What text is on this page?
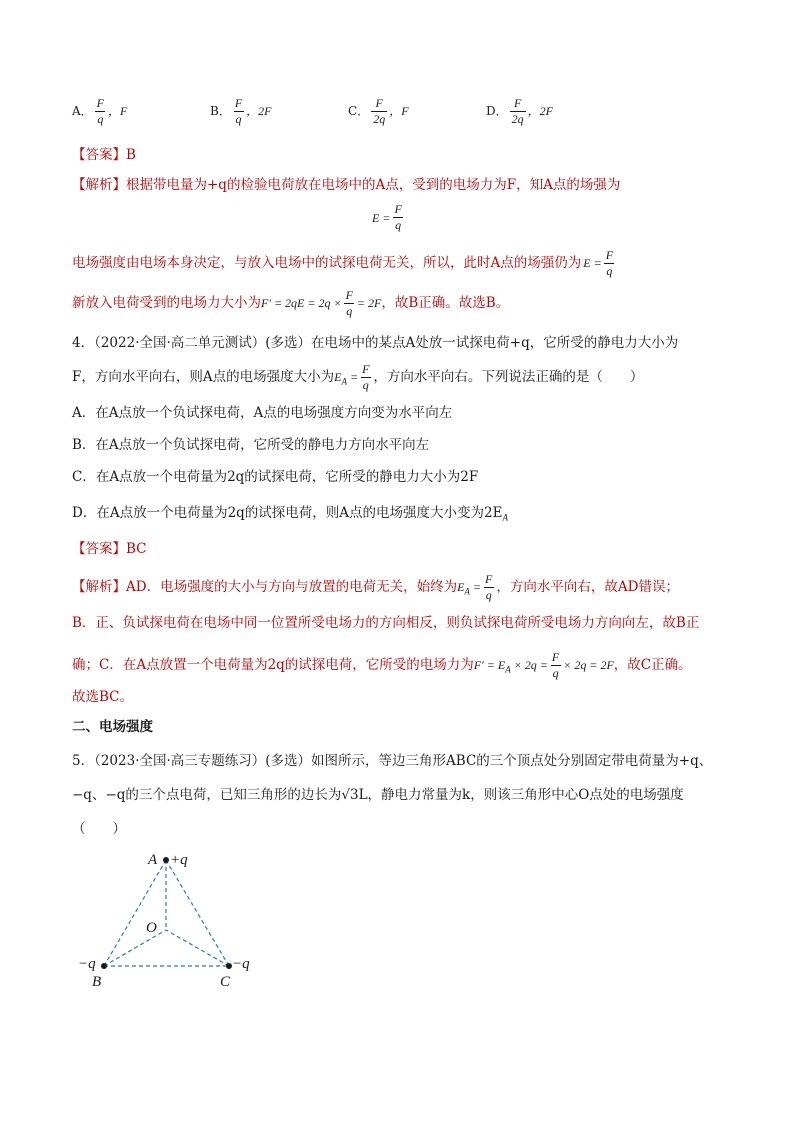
A． $\frac{F}{q}$ ，F	B． $\frac{F}{q}$ ，2F	C． $\frac{F}{2q}$ ，F	D． $\frac{F}{2q}$ ，2F
【答案】B
【解析】根据带电量为+q的检验电荷放在电场中的A点，受到的电场力为F，知A点的场强为
$E = \frac{F}{q}$
电场强度由电场本身决定，与放入电场中的试探电荷无关，所以，此时A点的场强仍为 $E = \frac{F}{q}$
新放入电荷受到的电场力大小为$F' = 2qE = 2q \times \frac{F}{q} = 2F$，故B正确。故选B。
4．（2022·全国·高二单元测试）(多选）在电场中的某点A处放一试探电荷+q，它所受的静电力大小为
F，方向水平向右，则A点的电场强度大小为$E_A = \frac{F}{q}$ ，方向水平向右。下列说法正确的是（　　）
A．在A点放一个负试探电荷，A点的电场强度方向变为水平向左
B．在A点放一个负试探电荷，它所受的静电力方向水平向左
C．在A点放一个电荷量为2q的试探电荷，它所受的静电力大小为2F
D．在A点放一个电荷量为2q的试探电荷，则A点的电场强度大小变为$2E_A$
【答案】BC
【解析】AD．电场强度的大小与方向与放置的电荷无关，始终为$E_A = \frac{F}{q}$ ，方向水平向右，故AD错误；
B．正、负试探电荷在电场中同一位置所受电场力的方向相反，则负试探电荷所受电场力方向向左，故B正
确；C．在A点放置一个电荷量为2q的试探电荷，它所受的电场力为$F' = E_A \times 2q = \frac{F}{q} \times 2q = 2F$，故C正确。
故选BC。
二、电场强度
5．（2023·全国·高三专题练习）(多选）如图所示，等边三角形ABC的三个顶点处分别固定带电荷量为+q、
−q、−q的三个点电荷，已知三角形的边长为√3L，静电力常量为k，则该三角形中心O点处的电场强度
（　　）
A +q
O
−q
B
−q
C
